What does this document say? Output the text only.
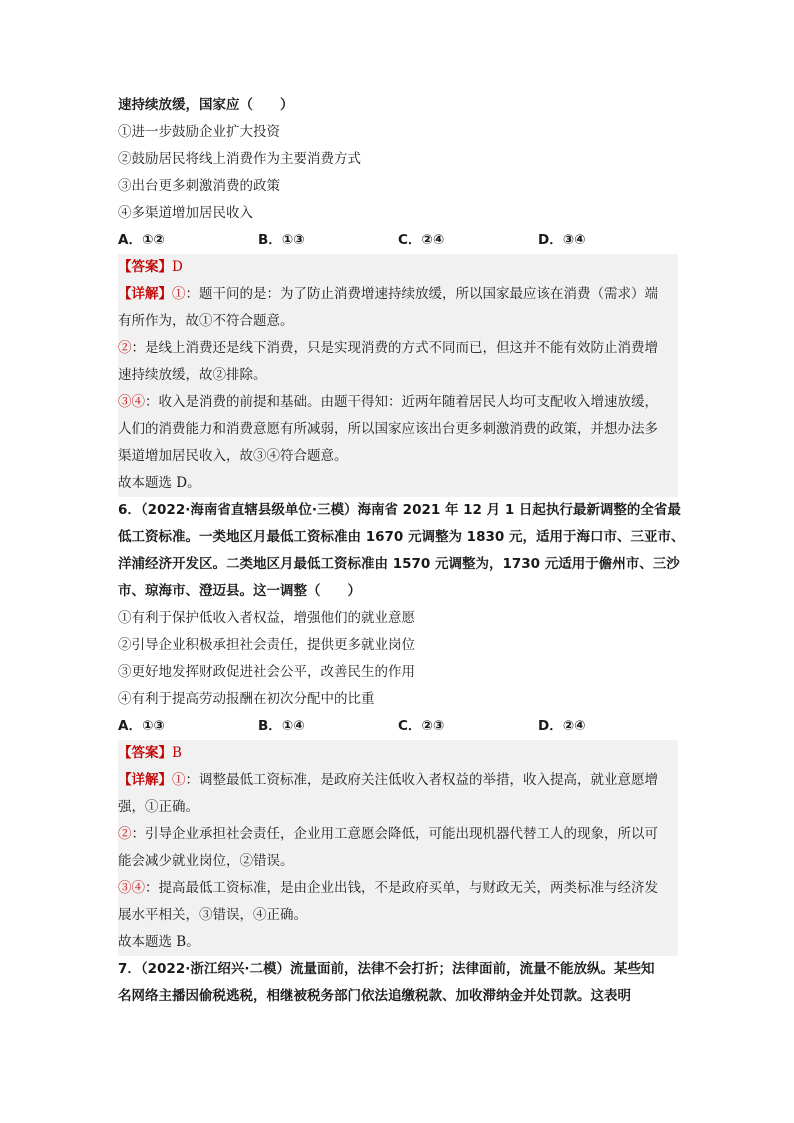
速持续放缓，国家应（　　）
①进一步鼓励企业扩大投资
②鼓励居民将线上消费作为主要消费方式
③出台更多刺激消费的政策
④多渠道增加居民收入
A．①②	B．①③	C．②④	D．③④
【答案】D
【详解】①：题干问的是：为了防止消费增速持续放缓，所以国家最应该在消费（需求）端
有所作为，故①不符合题意。
②：是线上消费还是线下消费，只是实现消费的方式不同而已，但这并不能有效防止消费增
速持续放缓，故②排除。
③④：收入是消费的前提和基础。由题干得知：近两年随着居民人均可支配收入增速放缓，
人们的消费能力和消费意愿有所减弱，所以国家应该出台更多刺激消费的政策，并想办法多
渠道增加居民收入，故③④符合题意。
故本题选 D。
6．（2022·海南省直辖县级单位·三模）海南省 2021 年 12 月 1 日起执行最新调整的全省最
低工资标准。一类地区月最低工资标准由 1670 元调整为 1830 元，适用于海口市、三亚市、
洋浦经济开发区。二类地区月最低工资标准由 1570 元调整为，1730 元适用于儋州市、三沙
市、琼海市、澄迈县。这一调整（　　）
①有利于保护低收入者权益，增强他们的就业意愿
②引导企业积极承担社会责任，提供更多就业岗位
③更好地发挥财政促进社会公平，改善民生的作用
④有利于提高劳动报酬在初次分配中的比重
A．①③	B．①④	C．②③	D．②④
【答案】B
【详解】①：调整最低工资标准，是政府关注低收入者权益的举措，收入提高，就业意愿增
强，①正确。
②：引导企业承担社会责任，企业用工意愿会降低，可能出现机器代替工人的现象，所以可
能会减少就业岗位，②错误。
③④：提高最低工资标准，是由企业出钱，不是政府买单，与财政无关，两类标准与经济发
展水平相关，③错误，④正确。
故本题选 B。
7．（2022·浙江绍兴·二模）流量面前，法律不会打折；法律面前，流量不能放纵。某些知
名网络主播因偷税逃税，相继被税务部门依法追缴税款、加收滞纳金并处罚款。这表明
